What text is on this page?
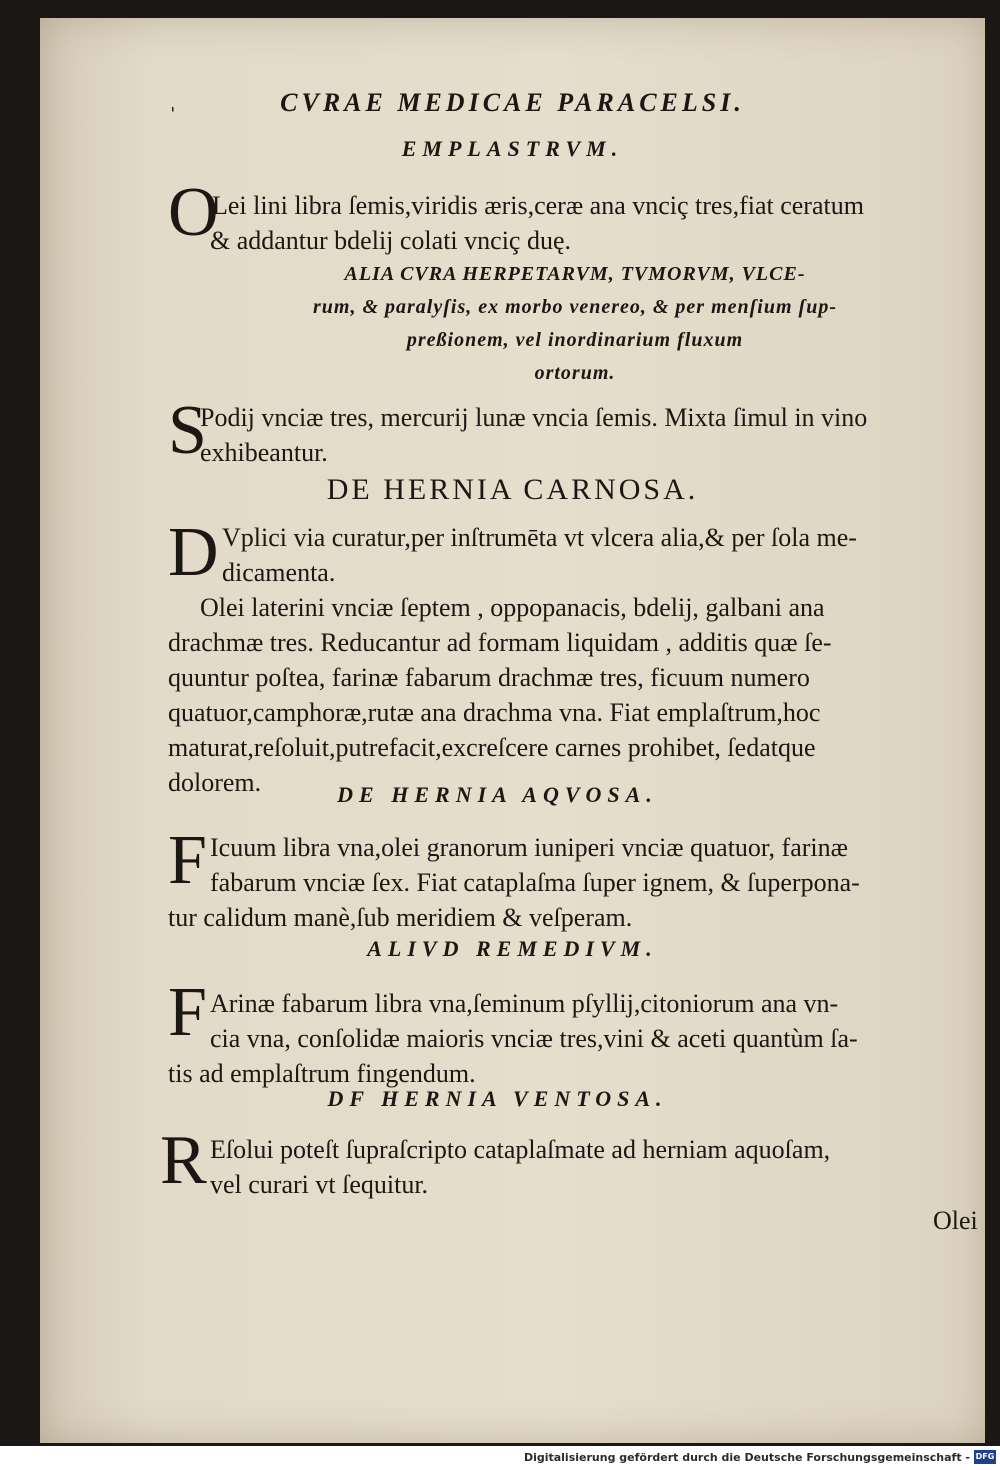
ˌ	CVRAE MEDICAE PARACELSI.
EMPLASTRVM.
O
Lei lini libra ſemis,viridis æris,ceræ ana vnciç tres,fiat ceratum
& addantur bdelij colati vnciç duę.
ALIA CVRA HERPETARVM, TVMORVM, VLCE-
rum, & paralyſis, ex morbo venereo, & per menſium ſup-
preßionem, vel inordinarium fluxum
ortorum.
S
Podij vnciæ tres, mercurij lunæ vncia ſemis. Mixta ſimul in vino
exhibeantur.
DE HERNIA CARNOSA.
D Vplici via curatur,per inſtrumēta vt vlcera alia,& per ſola me-
dicamenta.
Olei laterini vnciæ ſeptem , oppopanacis, bdelij, galbani ana
drachmæ tres. Reducantur ad formam liquidam , additis quæ ſe-
quuntur poſtea, farinæ fabarum drachmæ tres, ficuum numero
quatuor,camphoræ,rutæ ana drachma vna. Fiat emplaſtrum,hoc
maturat,reſoluit,putrefacit,excreſcere carnes prohibet, ſedatque
dolorem.	DE HERNIA AQVOSA.
F Icuum libra vna,olei granorum iuniperi vnciæ quatuor, farinæ
fabarum vnciæ ſex. Fiat cataplaſma ſuper ignem, & ſuperpona-
tur calidum manè,ſub meridiem & veſperam.
ALIVD REMEDIVM.
F Arinæ fabarum libra vna,ſeminum pſyllij,citoniorum ana vn-
cia vna, conſolidæ maioris vnciæ tres,vini & aceti quantùm ſa-
tis ad emplaſtrum fingendum.
DF HERNIA VENTOSA.
R Eſolui poteſt ſupraſcripto cataplaſmate ad herniam aquoſam,
vel curari vt ſequitur.
Olei
Digitalisierung gefördert durch die Deutsche Forschungsgemeinschaft - DFG
